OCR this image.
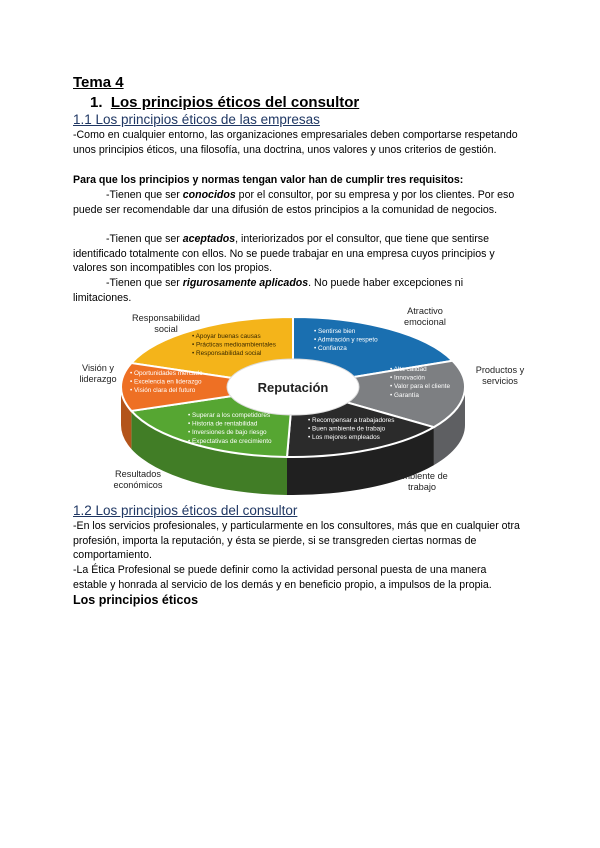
Tema 4

1. Los principios éticos del consultor

1.1 Los principios éticos de las empresas

-Como en cualquier entorno, las organizaciones empresariales deben comportarse respetando unos principios éticos, una filosofía, una doctrina, unos valores y unos criterios de gestión.

Para que los principios y normas tengan valor han de cumplir tres requisitos:

-Tienen que ser conocidos por el consultor, por su empresa y por los clientes. Por eso puede ser recomendable dar una difusión de estos principios a la comunidad de negocios.

-Tienen que ser aceptados, interiorizados por el consultor, que tiene que sentirse identificado totalmente con ellos. No se puede trabajar en una empresa cuyos principios y valores son incompatibles con los propios.

-Tienen que ser rigurosamente aplicados. No puede haber excepciones ni limitaciones.

Reputación
• Apoyar buenas causas
• Prácticas medioambientales
• Responsabilidad social
• Sentirse bien
• Admiración y respeto
• Confianza
• Alta calidad
• Innovación
• Valor para el cliente
• Garantía
• Recompensar a trabajadores
• Buen ambiente de trabajo
• Los mejores empleados
• Superar a los competidores
• Historia de rentabilidad
• Inversiones de bajo riesgo
• Expectativas de crecimiento
• Oportunidades mercado
• Excelencia en liderazgo
• Visión clara del futuro
Responsabilidad
social
Atractivo
emocional
Productos y
servicios
Ambiente de
trabajo
Resultados
económicos
Visión y
liderazgo

1.2 Los principios éticos del consultor

-En los servicios profesionales, y particularmente en los consultores, más que en cualquier otra profesión, importa la reputación, y ésta se pierde, si se transgreden ciertas normas de comportamiento.

-La Ética Profesional se puede definir como la actividad personal puesta de una manera estable y honrada al servicio de los demás y en beneficio propio, a impulsos de la propia.

Los principios éticos
